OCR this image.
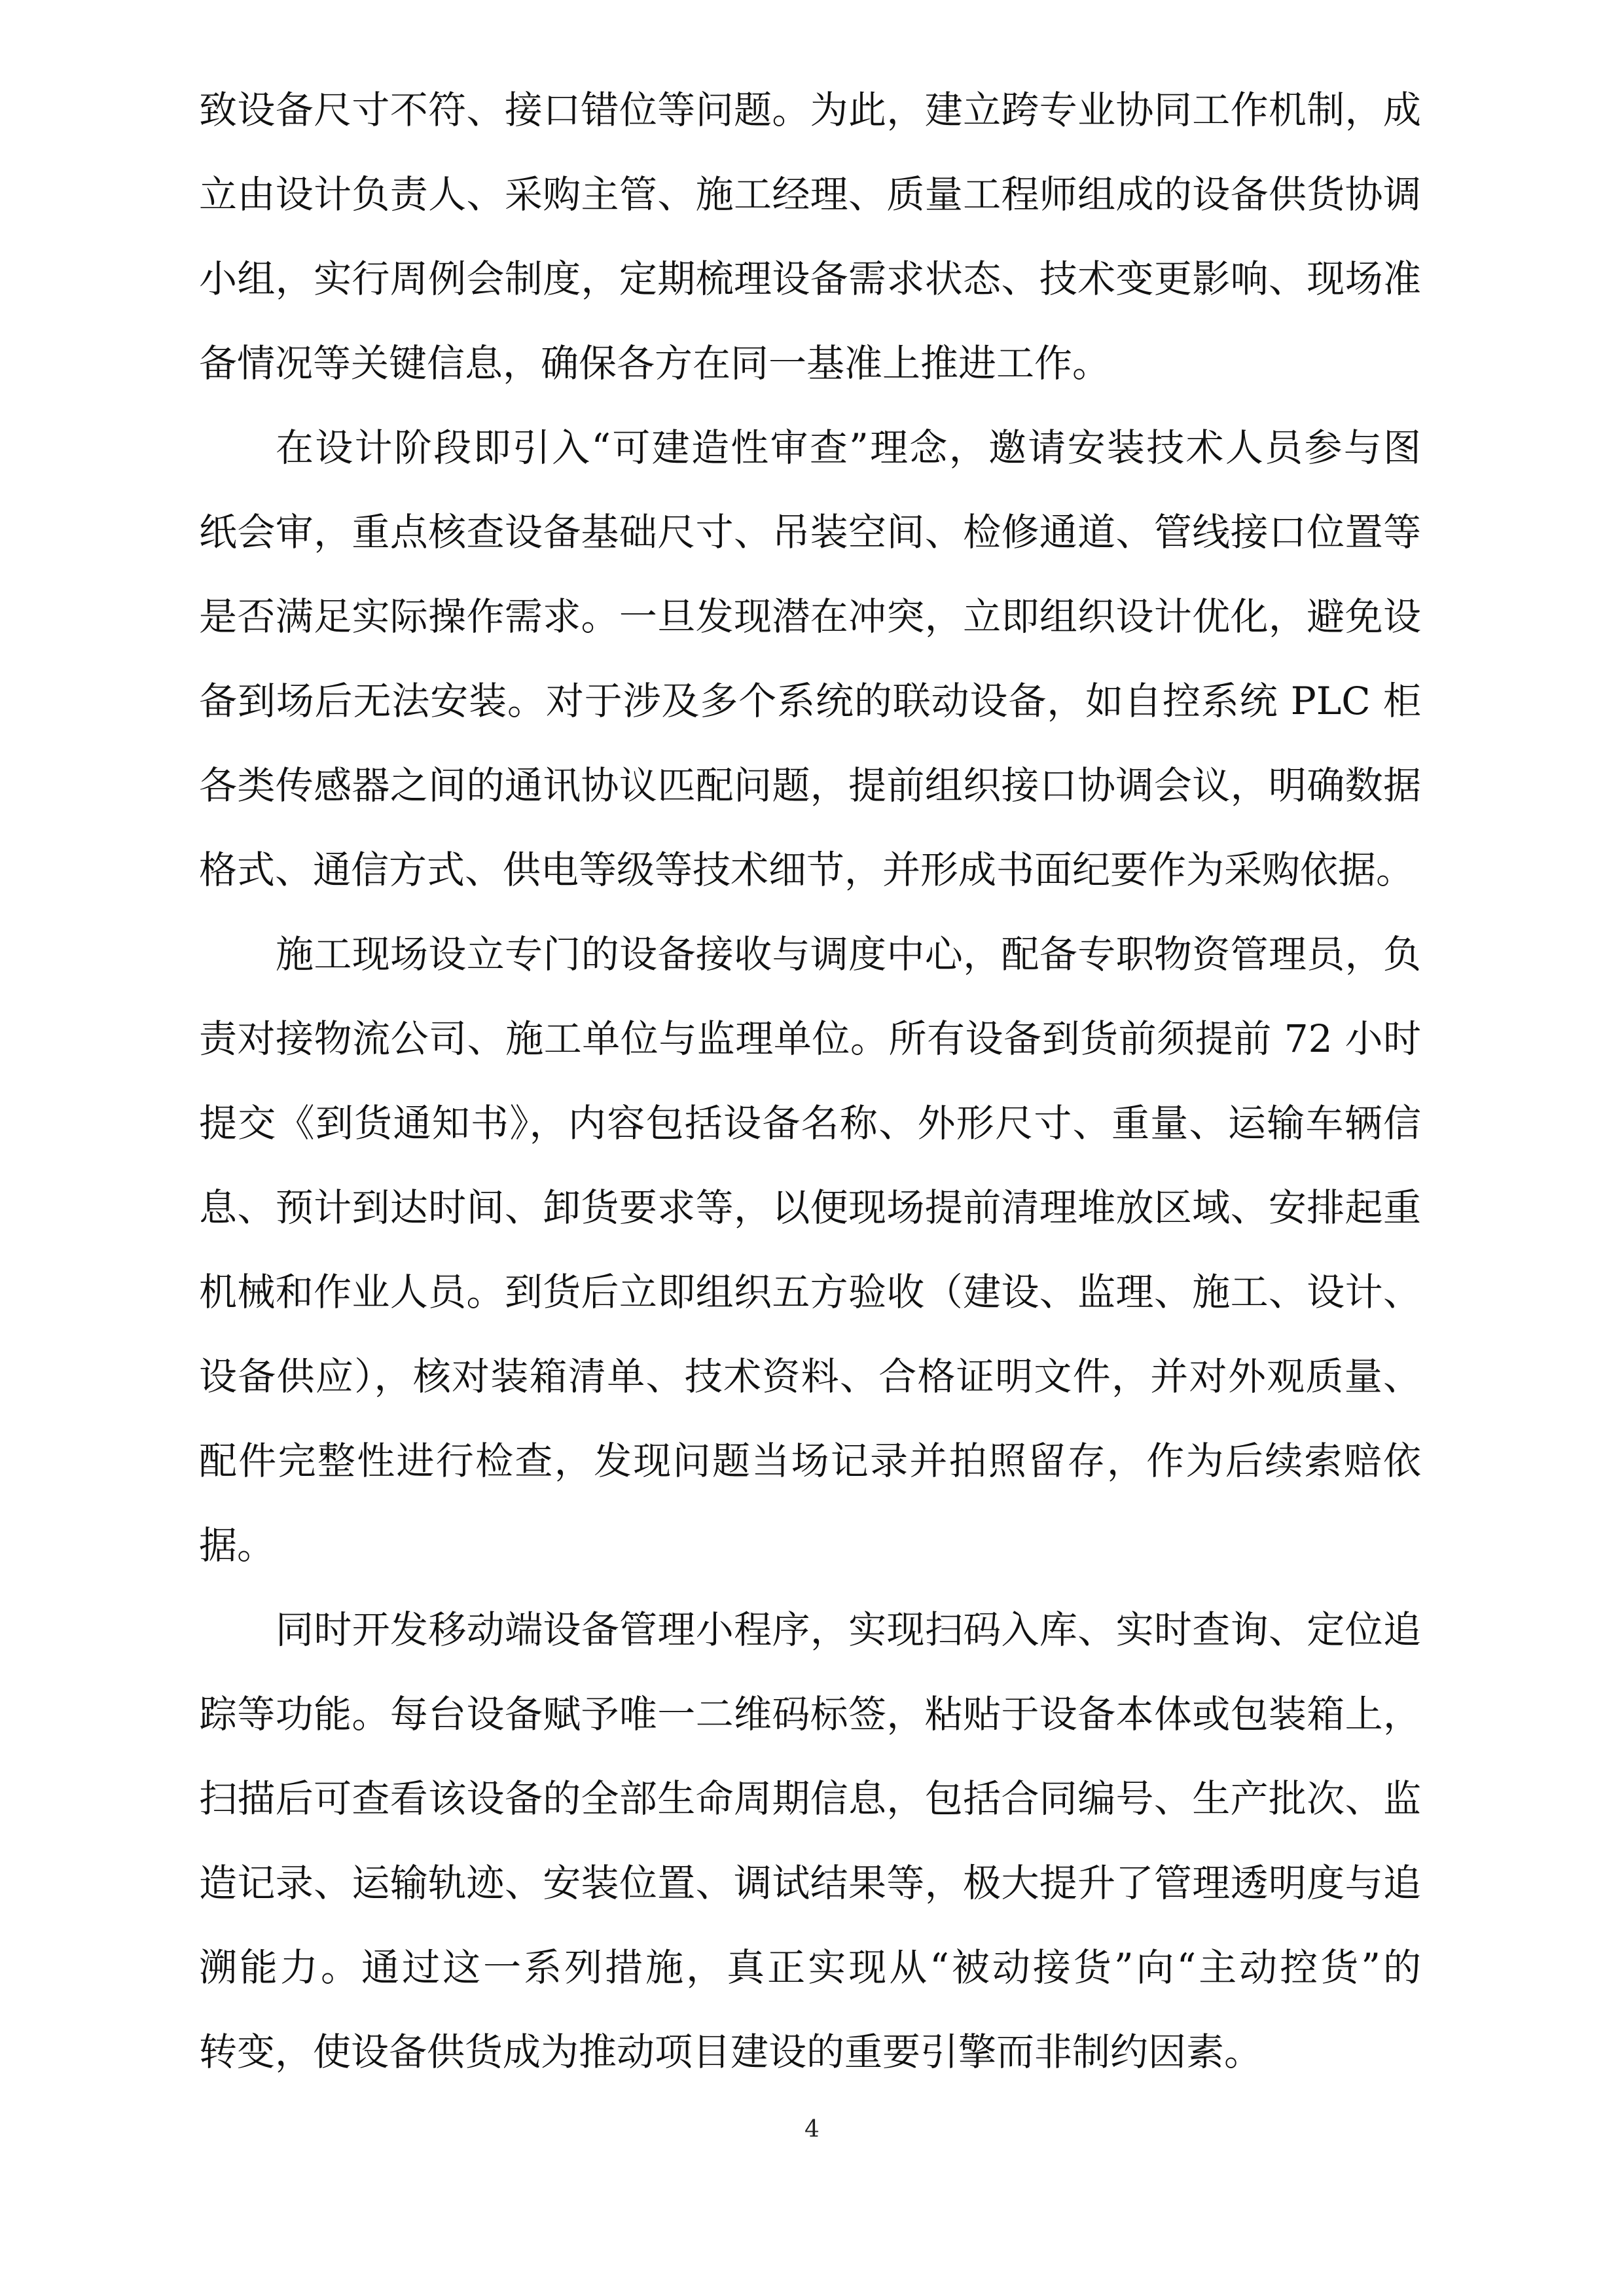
致设备尺寸不符、接口错位等问题。为此，建立跨专业协同工作机制，成
立由设计负责人、采购主管、施工经理、质量工程师组成的设备供货协调
小组，实行周例会制度，定期梳理设备需求状态、技术变更影响、现场准
备情况等关键信息，确保各方在同一基准上推进工作。
在设计阶段即引入“可建造性审查”理念，邀请安装技术人员参与图
纸会审，重点核查设备基础尺寸、吊装空间、检修通道、管线接口位置等
是否满足实际操作需求。一旦发现潜在冲突，立即组织设计优化，避免设
备到场后无法安装。对于涉及多个系统的联动设备，如自控系统 PLC 柜
各类传感器之间的通讯协议匹配问题，提前组织接口协调会议，明确数据
格式、通信方式、供电等级等技术细节，并形成书面纪要作为采购依据。
施工现场设立专门的设备接收与调度中心，配备专职物资管理员，负
责对接物流公司、施工单位与监理单位。所有设备到货前须提前 72 小时
提交《到货通知书》，内容包括设备名称、外形尺寸、重量、运输车辆信
息、预计到达时间、卸货要求等，以便现场提前清理堆放区域、安排起重
机械和作业人员。到货后立即组织五方验收（建设、监理、施工、设计、
设备供应），核对装箱清单、技术资料、合格证明文件，并对外观质量、
配件完整性进行检查，发现问题当场记录并拍照留存，作为后续索赔依
据。
同时开发移动端设备管理小程序，实现扫码入库、实时查询、定位追
踪等功能。每台设备赋予唯一二维码标签，粘贴于设备本体或包装箱上，
扫描后可查看该设备的全部生命周期信息，包括合同编号、生产批次、监
造记录、运输轨迹、安装位置、调试结果等，极大提升了管理透明度与追
溯能力。通过这一系列措施，真正实现从“被动接货”向“主动控货”的
转变，使设备供货成为推动项目建设的重要引擎而非制约因素。
4
